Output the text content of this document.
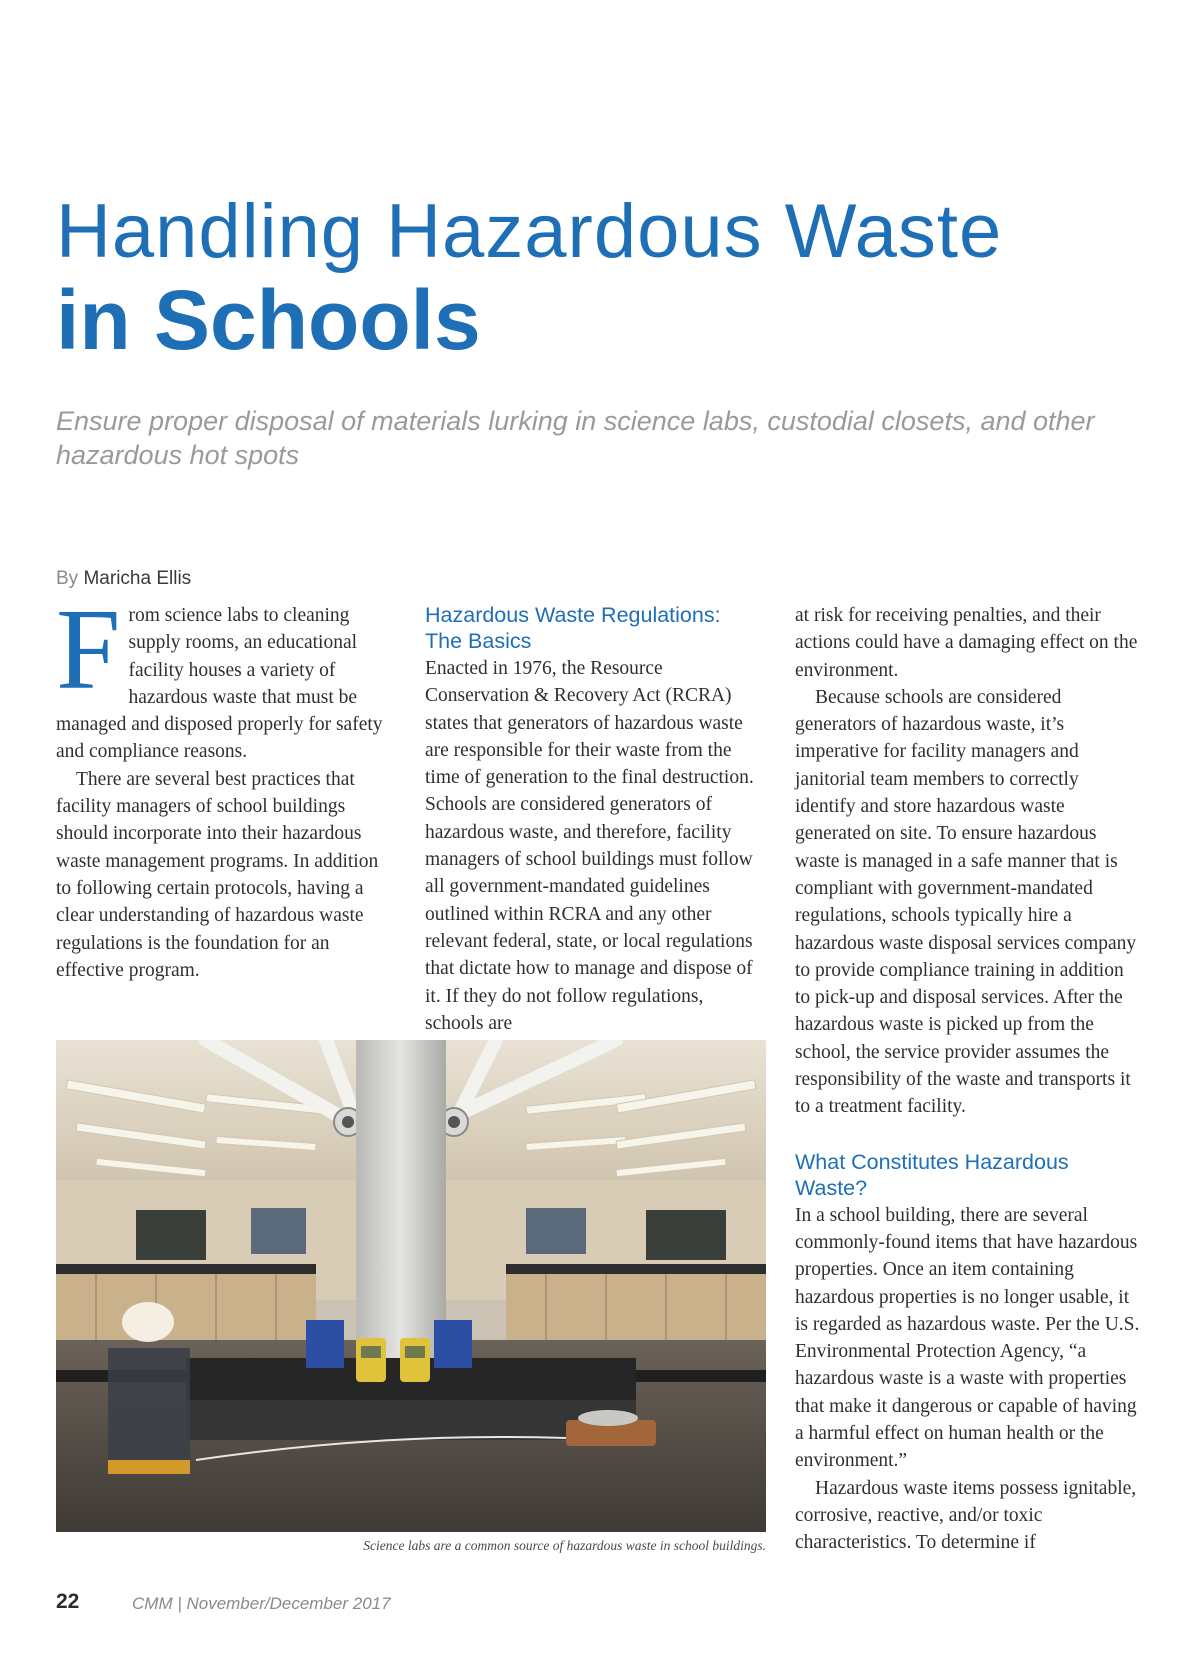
Handling Hazardous Waste
in Schools
Ensure proper disposal of materials lurking in science labs, custodial closets, and other hazardous hot spots
By Maricha Ellis

From science labs to cleaning supply rooms, an educational facility houses a variety of hazardous waste that must be managed and disposed properly for safety and compliance reasons.

There are several best practices that facility managers of school buildings should incorporate into their hazardous waste management programs. In addition to following certain protocols, having a clear understanding of hazardous waste regulations is the foundation for an effective program.

Hazardous Waste Regulations: The Basics

Enacted in 1976, the Resource Conservation & Recovery Act (RCRA) states that generators of hazardous waste are responsible for their waste from the time of generation to the final destruction. Schools are considered generators of hazardous waste, and therefore, facility managers of school buildings must follow all government-mandated guidelines outlined within RCRA and any other relevant federal, state, or local regulations that dictate how to manage and dispose of it. If they do not follow regulations, schools are

at risk for receiving penalties, and their actions could have a damaging effect on the environment.

Because schools are considered generators of hazardous waste, it’s imperative for facility managers and janitorial team members to correctly identify and store hazardous waste generated on site. To ensure hazardous waste is managed in a safe manner that is compliant with government-mandated regulations, schools typically hire a hazardous waste disposal services company to provide compliance training in addition to pick-up and disposal services. After the hazardous waste is picked up from the school, the service provider assumes the responsibility of the waste and transports it to a treatment facility.

What Constitutes Hazardous Waste?

In a school building, there are several commonly-found items that have hazardous properties. Once an item containing hazardous properties is no longer usable, it is regarded as hazardous waste. Per the U.S. Environmental Protection Agency, “a hazardous waste is a waste with properties that make it dangerous or capable of having a harmful effect on human health or the environment.”

Hazardous waste items possess ignitable, corrosive, reactive, and/or toxic characteristics. To determine if

Science labs are a common source of hazardous waste in school buildings.
22	CMM | November/December 2017
